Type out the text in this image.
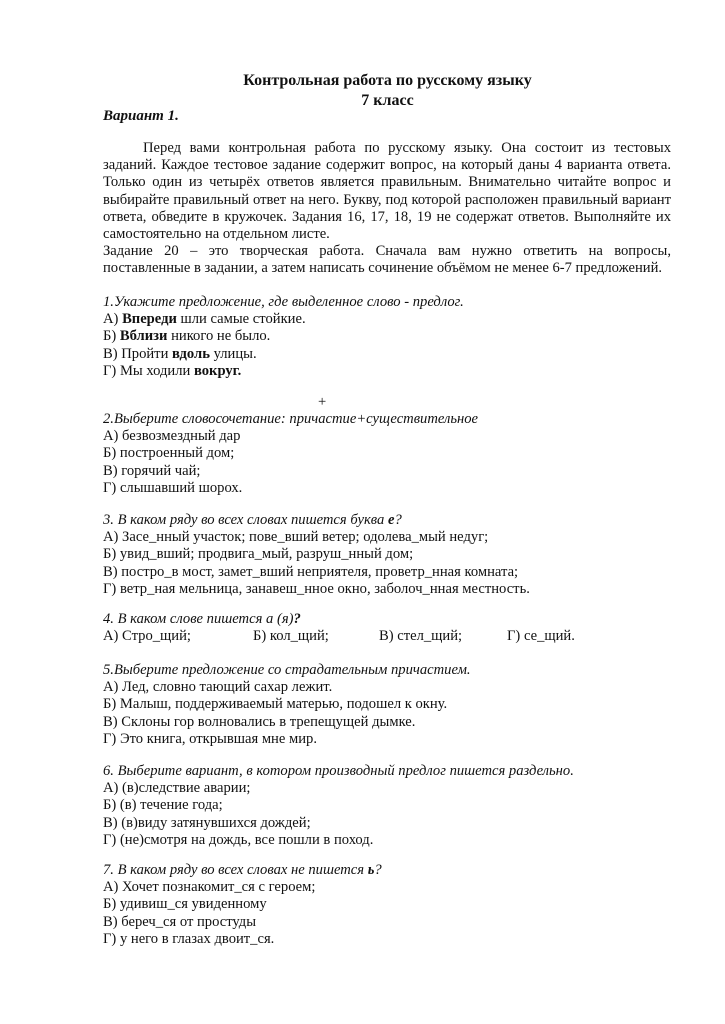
Контрольная работа по русскому языку
7 класс
Вариант 1.

Перед вами контрольная работа по русскому языку. Она состоит из тестовых заданий. Каждое тестовое задание содержит вопрос, на который даны 4 варианта ответа. Только один из четырёх ответов является правильным. Внимательно читайте вопрос и выбирайте правильный ответ на него. Букву, под которой расположен правильный вариант ответа, обведите в кружочек. Задания 16, 17, 18, 19 не содержат ответов. Выполняйте их самостоятельно на отдельном листе.

Задание 20 – это творческая работа. Сначала вам нужно ответить на вопросы, поставленные в задании, а затем написать сочинение объёмом не менее 6-7 предложений.

1.Укажите предложение, где выделенное слово - предлог.
А) Впереди шли самые стойкие.
Б) Вблизи никого не было.
В) Пройти вдоль улицы.
Г) Мы ходили вокруг.
+
2.Выберите словосочетание: причастие+существительное
А) безвозмездный дар
Б) построенный дом;
В) горячий чай;
Г) слышавший шорох.
3. В каком ряду во всех словах пишется буква е?
А) Засе_нный участок; пове_вший ветер; одолева_мый недуг;
Б) увид_вший; продвига_мый, разруш_нный дом;
В) постро_в мост, замет_вший неприятеля, проветр_нная комната;
Г) ветр_ная мельница, занавеш_нное окно, заболоч_нная местность.
4. В каком слове пишется а (я)?
А) Стро_щий;	Б) кол_щий;	В) стел_щий;	Г) се_щий.
5.Выберите предложение со страдательным причастием.
А) Лед, словно тающий сахар лежит.
Б) Малыш, поддерживаемый матерью, подошел к окну.
В) Склоны гор волновались в трепещущей дымке.
Г) Это книга, открывшая мне мир.
6. Выберите вариант, в котором производный предлог пишется раздельно.
А) (в)следствие аварии;
Б) (в) течение года;
В) (в)виду затянувшихся дождей;
Г) (не)смотря на дождь, все пошли в поход.
7. В каком ряду во всех словах не пишется ь?
А) Хочет познакомит_ся с героем;
Б) удивиш_ся увиденному
В) береч_ся от простуды
Г) у него в глазах двоит_ся.
